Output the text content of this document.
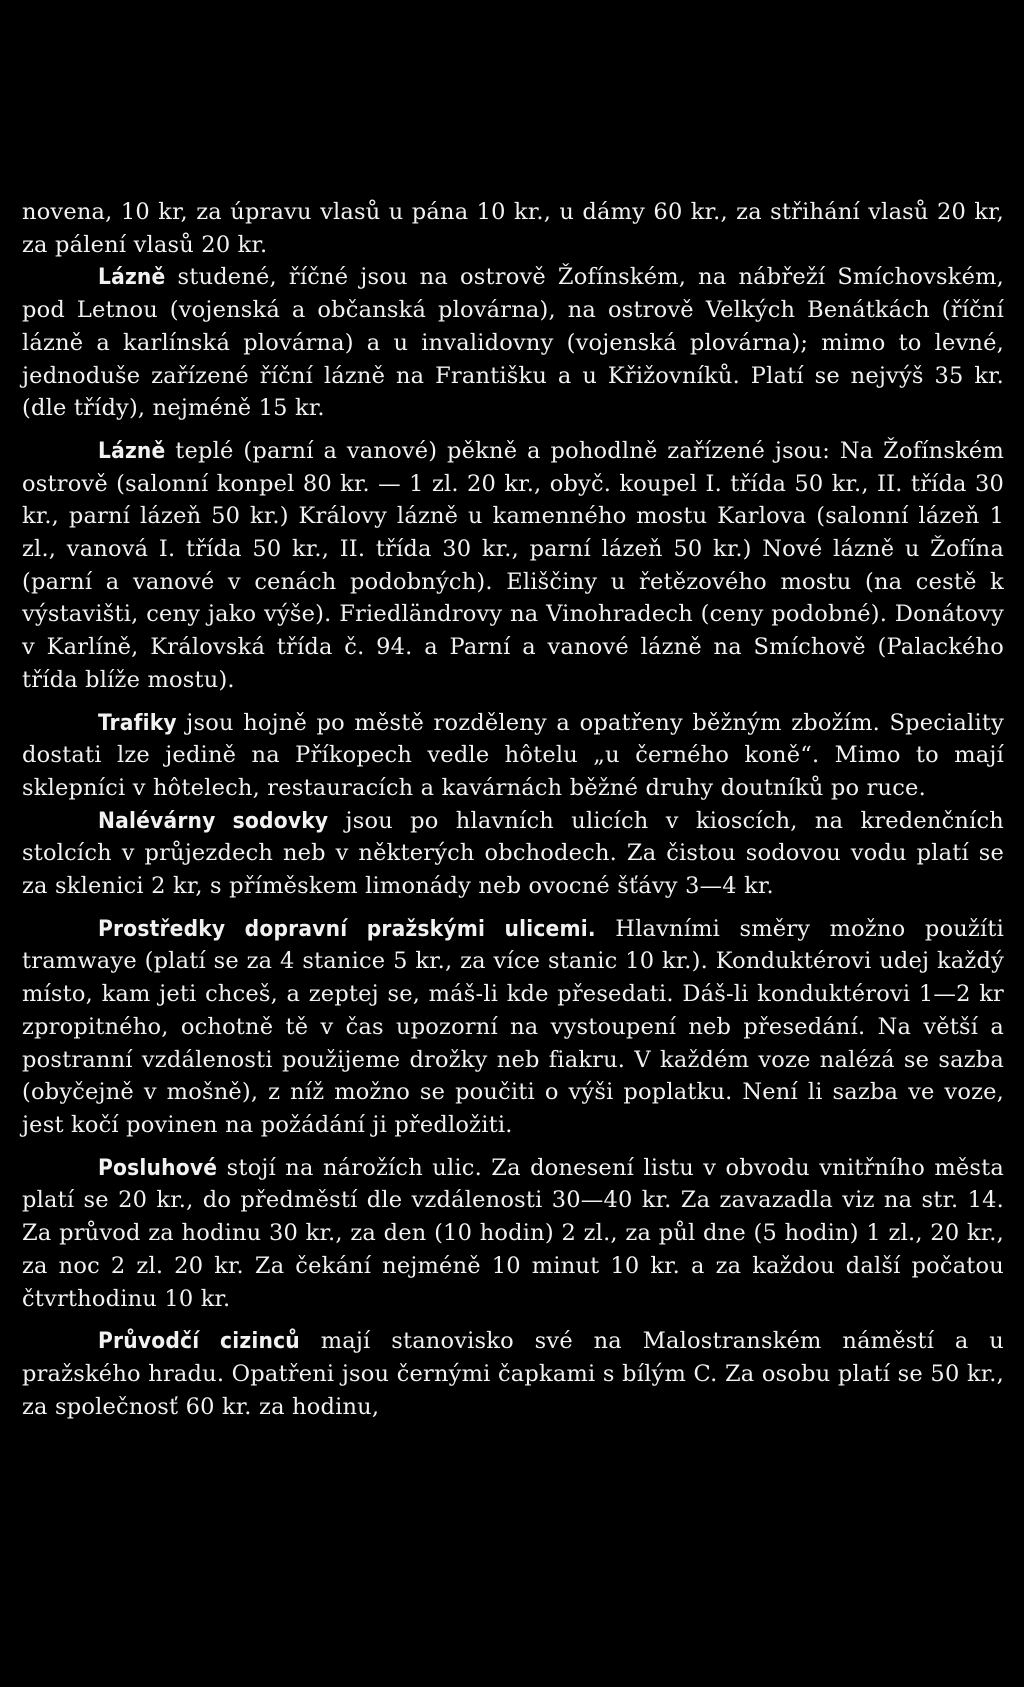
novena, 10 kr, za úpravu vlasů u pána 10 kr., u dámy 60 kr., za střihání vlasů 20 kr, za pálení vlasů 20 kr.

Lázně studené, říčné jsou na ostrově Žofínském, na nábřeží Smíchovském, pod Letnou (vojenská a občanská plovárna), na ostrově Velkých Benátkách (říční lázně a karlínská plovárna) a u invalidovny (vojenská plovárna); mimo to levné, jednoduše zařízené říční lázně na Františku a u Křižovníků. Platí se nejvýš 35 kr. (dle třídy), nejméně 15 kr.

Lázně teplé (parní a vanové) pěkně a pohodlně zařízené jsou: Na Žofínském ostrově (salonní konpel 80 kr. — 1 zl. 20 kr., obyč. koupel I. třída 50 kr., II. třída 30 kr., parní lázeň 50 kr.) Královy lázně u kamenného mostu Karlova (salonní lázeň 1 zl., vanová I. třída 50 kr., II. třída 30 kr., parní lázeň 50 kr.) Nové lázně u Žofína (parní a vanové v cenách podobných). Eliščiny u řetězového mostu (na cestě k výstavišti, ceny jako výše). Friedländrovy na Vinohradech (ceny podobné). Donátovy v Karlíně, Královská třída č. 94. a Parní a vanové lázně na Smíchově (Palackého třída blíže mostu).

Trafiky jsou hojně po městě rozděleny a opatřeny běžným zbožím. Speciality dostati lze jedině na Příkopech vedle hôtelu „u černého koně“. Mimo to mají sklepníci v hôtelech, restauracích a kavárnách běžné druhy doutníků po ruce.

Nalévárny sodovky jsou po hlavních ulicích v kioscích, na kredenčních stolcích v průjezdech neb v některých obchodech. Za čistou sodovou vodu platí se za sklenici 2 kr, s příměskem limonády neb ovocné šťávy 3—4 kr.

Prostředky dopravní pražskými ulicemi. Hlavními směry možno použíti tramwaye (platí se za 4 stanice 5 kr., za více stanic 10 kr.). Konduktérovi udej každý místo, kam jeti chceš, a zeptej se, máš-li kde přesedati. Dáš-li konduktérovi 1—2 kr zpropitného, ochotně tě v čas upozorní na vystoupení neb přesedání. Na větší a postranní vzdálenosti použijeme drožky neb fiakru. V každém voze nalézá se sazba (obyčejně v mošně), z níž možno se poučiti o výši poplatku. Není li sazba ve voze, jest kočí povinen na požádání ji předložiti.

Posluhové stojí na nárožích ulic. Za donesení listu v obvodu vnitřního města platí se 20 kr., do předměstí dle vzdálenosti 30—40 kr. Za zavazadla viz na str. 14. Za průvod za hodinu 30 kr., za den (10 hodin) 2 zl., za půl dne (5 hodin) 1 zl., 20 kr., za noc 2 zl. 20 kr. Za čekání nejméně 10 minut 10 kr. a za každou další počatou čtvrthodinu 10 kr.

Průvodčí cizinců mají stanovisko své na Malostranském náměstí a u pražského hradu. Opatřeni jsou černými čapkami s bílým C. Za osobu platí se 50 kr., za společnosť 60 kr. za hodinu,
